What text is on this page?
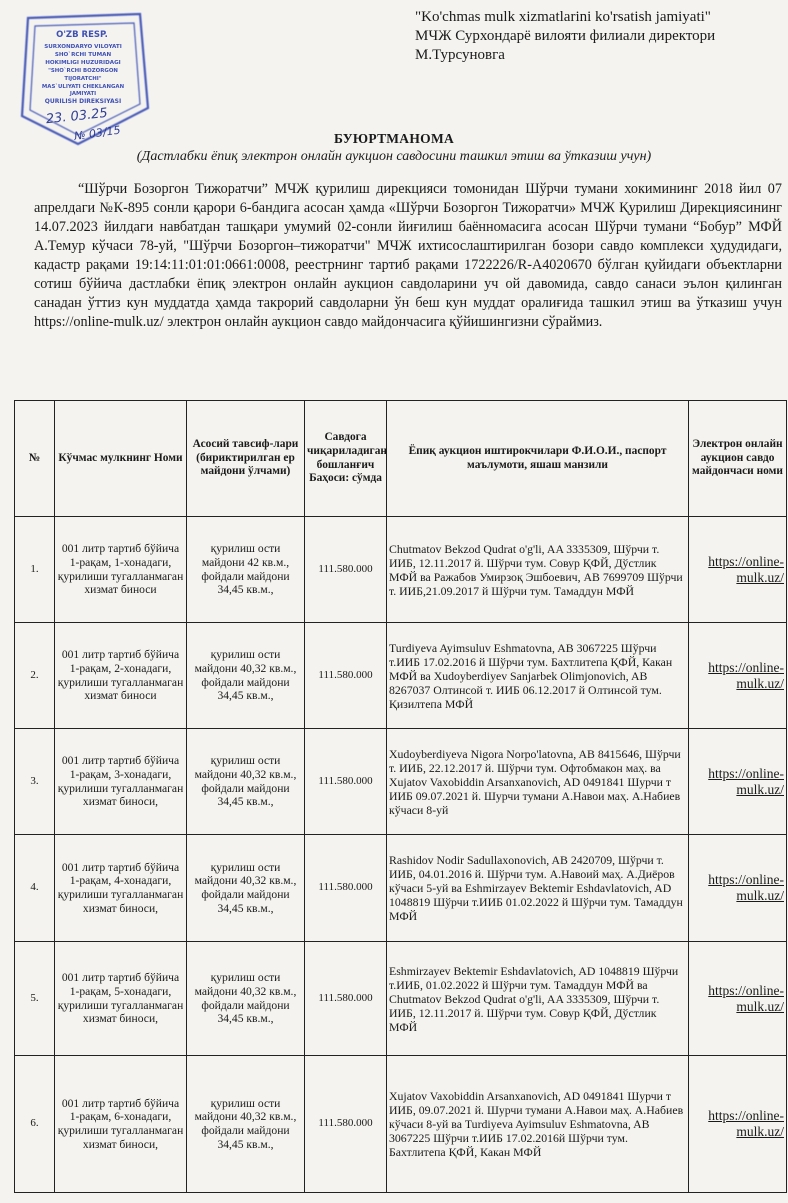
O'ZB RESP.
SURXONDARYO VILOYATI
SHO`RCHI TUMAN
HOKIMLIGI HUZURIDAGI
"SHO`RCHI BOZORGON
TIJORATCHI"
MAS`ULIYATI CHEKLANGAN
JAMIYATI
QURILISH DIREKSIYASI
23. 03.25
№ 03/15
"Ko'chmas mulk xizmatlarini ko'rsatish jamiyati"
МЧЖ Сурхондарё вилояти филиали директори
М.Турсуновга
БУЮРТМАНОМА
(Дастлабки ёпиқ электрон онлайн аукцион савдосини ташкил этиш ва ўтказиш учун)
“Шўрчи Бозоргон Тижоратчи” МЧЖ қурилиш дирекцияси томонидан Шўрчи тумани хокимининг 2018 йил 07 апрелдаги №К-895 сонли қарори 6-бандига асосан ҳамда «Шўрчи Бозоргон Тижоратчи» МЧЖ Қурилиш Дирекциясининг 14.07.2023 йилдаги навбатдан ташқари умумий 02-сонли йиғилиш баённомасига асосан Шўрчи тумани “Бобур” МФЙ А.Темур кўчаси 78-уй, "Шўрчи Бозоргон–тижоратчи" МЧЖ ихтисослаштирилган бозори савдо комплекси ҳудудидаги, кадастр рақами 19:14:11:01:01:0661:0008, реестрнинг тартиб рақами 1722226/R-A4020670 бўлган қуйидаги объектларни сотиш бўйича дастлабки ёпиқ электрон онлайн аукцион савдоларини уч ой давомида, савдо санаси эълон қилинган санадан ўттиз кун муддатда ҳамда такрорий савдоларни ўн беш кун муддат оралиғида ташкил этиш ва ўтказиш учун https://online-mulk.uz/ электрон онлайн аукцион савдо майдончасига қўйишингизни сўраймиз.
№	Кўчмас мулкнинг Номи	Асосий тавсиф-лари (бириктирилган ер майдони ўлчами)	Савдога чиқариладиган бошланғич Баҳоси: сўмда	Ёпиқ аукцион иштирокчилари Ф.И.О.И., паспорт маълумоти, яшаш манзили	Электрон онлайн аукцион савдо майдончаси номи
1.	001 литр тартиб бўйича 1-рақам, 1-хонадаги, қурилиши тугалланмаган хизмат биноси	қурилиш ости майдони 42 кв.м., фойдали майдони 34,45 кв.м.,	111.580.000	Chutmatov Bekzod Qudrat o'g'li, AA 3335309, Шўрчи т. ИИБ, 12.11.2017 й. Шўрчи тум. Совур ҚФЙ, Дўстлик МФЙ ва Ражабов Умирзоқ Эшбоевич, AB 7699709 Шўрчи т. ИИБ,21.09.2017 й Шўрчи тум. Тамаддун МФЙ	https://online-mulk.uz/
2.	001 литр тартиб бўйича 1-рақам, 2-хонадаги, қурилиши тугалланмаган хизмат биноси	қурилиш ости майдони 40,32 кв.м., фойдали майдони 34,45 кв.м.,	111.580.000	Turdiyeva Ayimsuluv Eshmatovna, AB 3067225 Шўрчи т.ИИБ 17.02.2016 й Шўрчи тум. Бахтлитепа ҚФЙ, Какан МФЙ ва Xudoyberdiyev Sanjarbek Olimjonovich, AB 8267037 Олтинсой т. ИИБ 06.12.2017 й Олтинсой тум. Қизилтепа МФЙ	https://online-mulk.uz/
3.	001 литр тартиб бўйича 1-рақам, 3-хонадаги, қурилиши тугалланмаган хизмат биноси,	қурилиш ости майдони 40,32 кв.м., фойдали майдони 34,45 кв.м.,	111.580.000	Xudoyberdiyeva Nigora Norpo'latovna, AB 8415646, Шўрчи т. ИИБ, 22.12.2017 й. Шўрчи тум. Офтобмакон маҳ. ва Xujatov Vaxobiddin Arsanxanovich, AD 0491841 Шурчи т ИИБ 09.07.2021 й. Шурчи тумани А.Навои маҳ. А.Набиев кўчаси 8-уй	https://online-mulk.uz/
4.	001 литр тартиб бўйича 1-рақам, 4-хонадаги, қурилиши тугалланмаган хизмат биноси,	қурилиш ости майдони 40,32 кв.м., фойдали майдони 34,45 кв.м.,	111.580.000	Rashidov Nodir Sadullaxonovich, AB 2420709, Шўрчи т. ИИБ, 04.01.2016 й. Шўрчи тум. А.Навоий маҳ. А.Диёров кўчаси 5-уй ва Eshmirzayev Bektemir Eshdavlatovich, AD 1048819 Шўрчи т.ИИБ 01.02.2022 й Шўрчи тум. Тамаддун МФЙ	https://online-mulk.uz/
5.	001 литр тартиб бўйича 1-рақам, 5-хонадаги, қурилиши тугалланмаган хизмат биноси,	қурилиш ости майдони 40,32 кв.м., фойдали майдони 34,45 кв.м.,	111.580.000	Eshmirzayev Bektemir Eshdavlatovich, AD 1048819 Шўрчи т.ИИБ, 01.02.2022 й Шўрчи тум. Тамаддун МФЙ ва Chutmatov Bekzod Qudrat o'g'li, AA 3335309, Шўрчи т. ИИБ, 12.11.2017 й. Шўрчи тум. Совур ҚФЙ, Дўстлик МФЙ	https://online-mulk.uz/
6.	001 литр тартиб бўйича 1-рақам, 6-хонадаги, қурилиши тугалланмаган хизмат биноси,	қурилиш ости майдони 40,32 кв.м., фойдали майдони 34,45 кв.м.,	111.580.000	Xujatov Vaxobiddin Arsanxanovich, AD 0491841 Шурчи т ИИБ, 09.07.2021 й. Шурчи тумани А.Навои маҳ. А.Набиев кўчаси 8-уй ва Turdiyeva Ayimsuluv Eshmatovna, AB 3067225 Шўрчи т.ИИБ 17.02.2016й Шўрчи тум. Бахтлитепа ҚФЙ, Какан МФЙ	https://online-mulk.uz/
